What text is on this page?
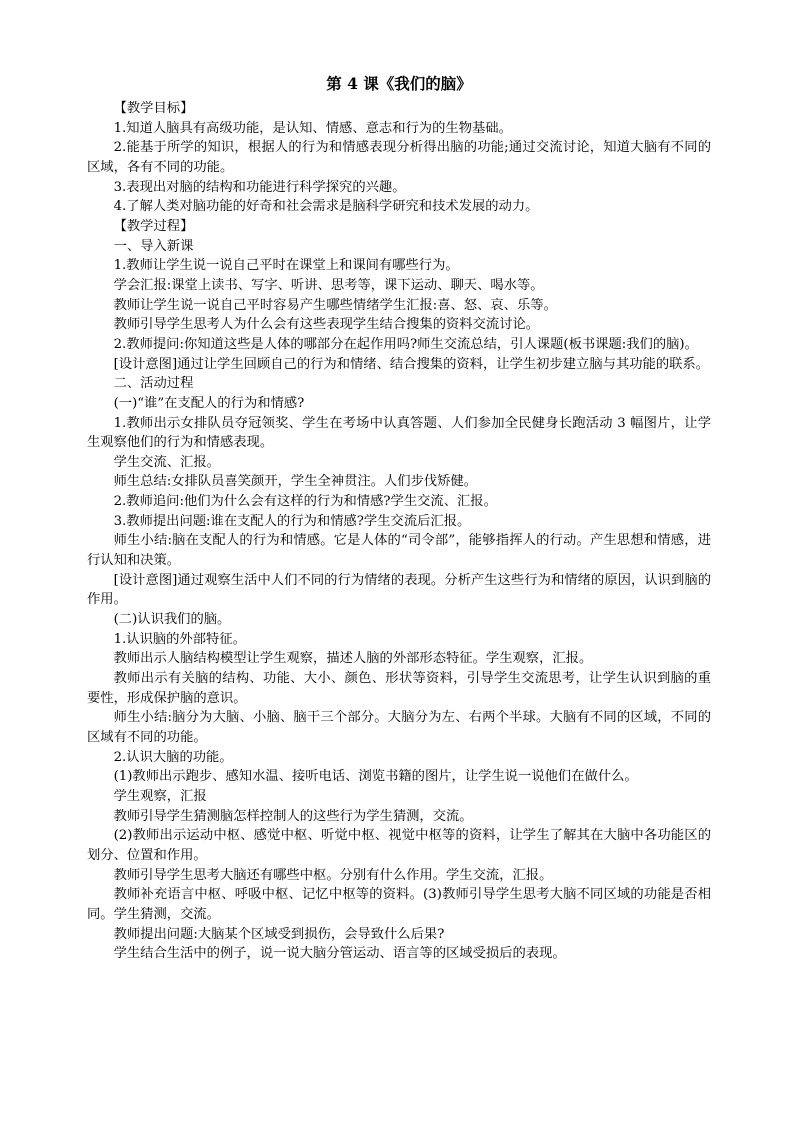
第 4 课《我们的脑》

【教学目标】

1.知道人脑具有高级功能，是认知、情感、意志和行为的生物基础。

2.能基于所学的知识，根据人的行为和情感表现分析得出脑的功能;通过交流讨论，知道大脑有不同的区域，各有不同的功能。

3.表现出对脑的结构和功能进行科学探究的兴趣。

4.了解人类对脑功能的好奇和社会需求是脑科学研究和技术发展的动力。

【教学过程】

一、导入新课

1.教师让学生说一说自己平时在课堂上和课间有哪些行为。

学会汇报:课堂上读书、写字、听讲、思考等，课下运动、聊天、喝水等。

教师让学生说一说自己平时容易产生哪些情绪学生汇报:喜、怒、哀、乐等。

教师引导学生思考人为什么会有这些表现学生结合搜集的资料交流讨论。

2.教师提问:你知道这些是人体的哪部分在起作用吗?师生交流总结，引人课题(板书课题:我们的脑)。

[设计意图]通过让学生回顾自己的行为和情绪、结合搜集的资料，让学生初步建立脑与其功能的联系。

二、活动过程

(一)“谁”在支配人的行为和情感?

1.教师出示女排队员夺冠领奖、学生在考场中认真答题、人们参加全民健身长跑活动 3 幅图片，让学生观察他们的行为和情感表现。

学生交流、汇报。

师生总结:女排队员喜笑颜开，学生全神贯注。人们步伐矫健。

2.教师追问:他们为什么会有这样的行为和情感?学生交流、汇报。

3.教师提出问题:谁在支配人的行为和情感?学生交流后汇报。

师生小结:脑在支配人的行为和情感。它是人体的“司令部”，能够指挥人的行动。产生思想和情感，进行认知和决策。

[设计意图]通过观察生活中人们不同的行为情绪的表现。分析产生这些行为和情绪的原因，认识到脑的作用。

(二)认识我们的脑。

1.认识脑的外部特征。

教师出示人脑结构模型让学生观察，描述人脑的外部形态特征。学生观察，汇报。

教师出示有关脑的结构、功能、大小、颜色、形状等资料，引导学生交流思考，让学生认识到脑的重要性，形成保护脑的意识。

师生小结:脑分为大脑、小脑、脑干三个部分。大脑分为左、右两个半球。大脑有不同的区域，不同的区域有不同的功能。

2.认识大脑的功能。

(1)教师出示跑步、感知水温、接听电话、浏览书籍的图片，让学生说一说他们在做什么。

学生观察，汇报

教师引导学生猜测脑怎样控制人的这些行为学生猜测，交流。

(2)教师出示运动中枢、感觉中枢、听觉中枢、视觉中枢等的资料，让学生了解其在大脑中各功能区的划分、位置和作用。

教师引导学生思考大脑还有哪些中枢。分别有什么作用。学生交流，汇报。

教师补充语言中枢、呼吸中枢、记忆中枢等的资料。(3)教师引导学生思考大脑不同区域的功能是否相同。学生猜测，交流。

教师提出问题:大脑某个区域受到损伤，会导致什么后果?

学生结合生活中的例子，说一说大脑分管运动、语言等的区域受损后的表现。
